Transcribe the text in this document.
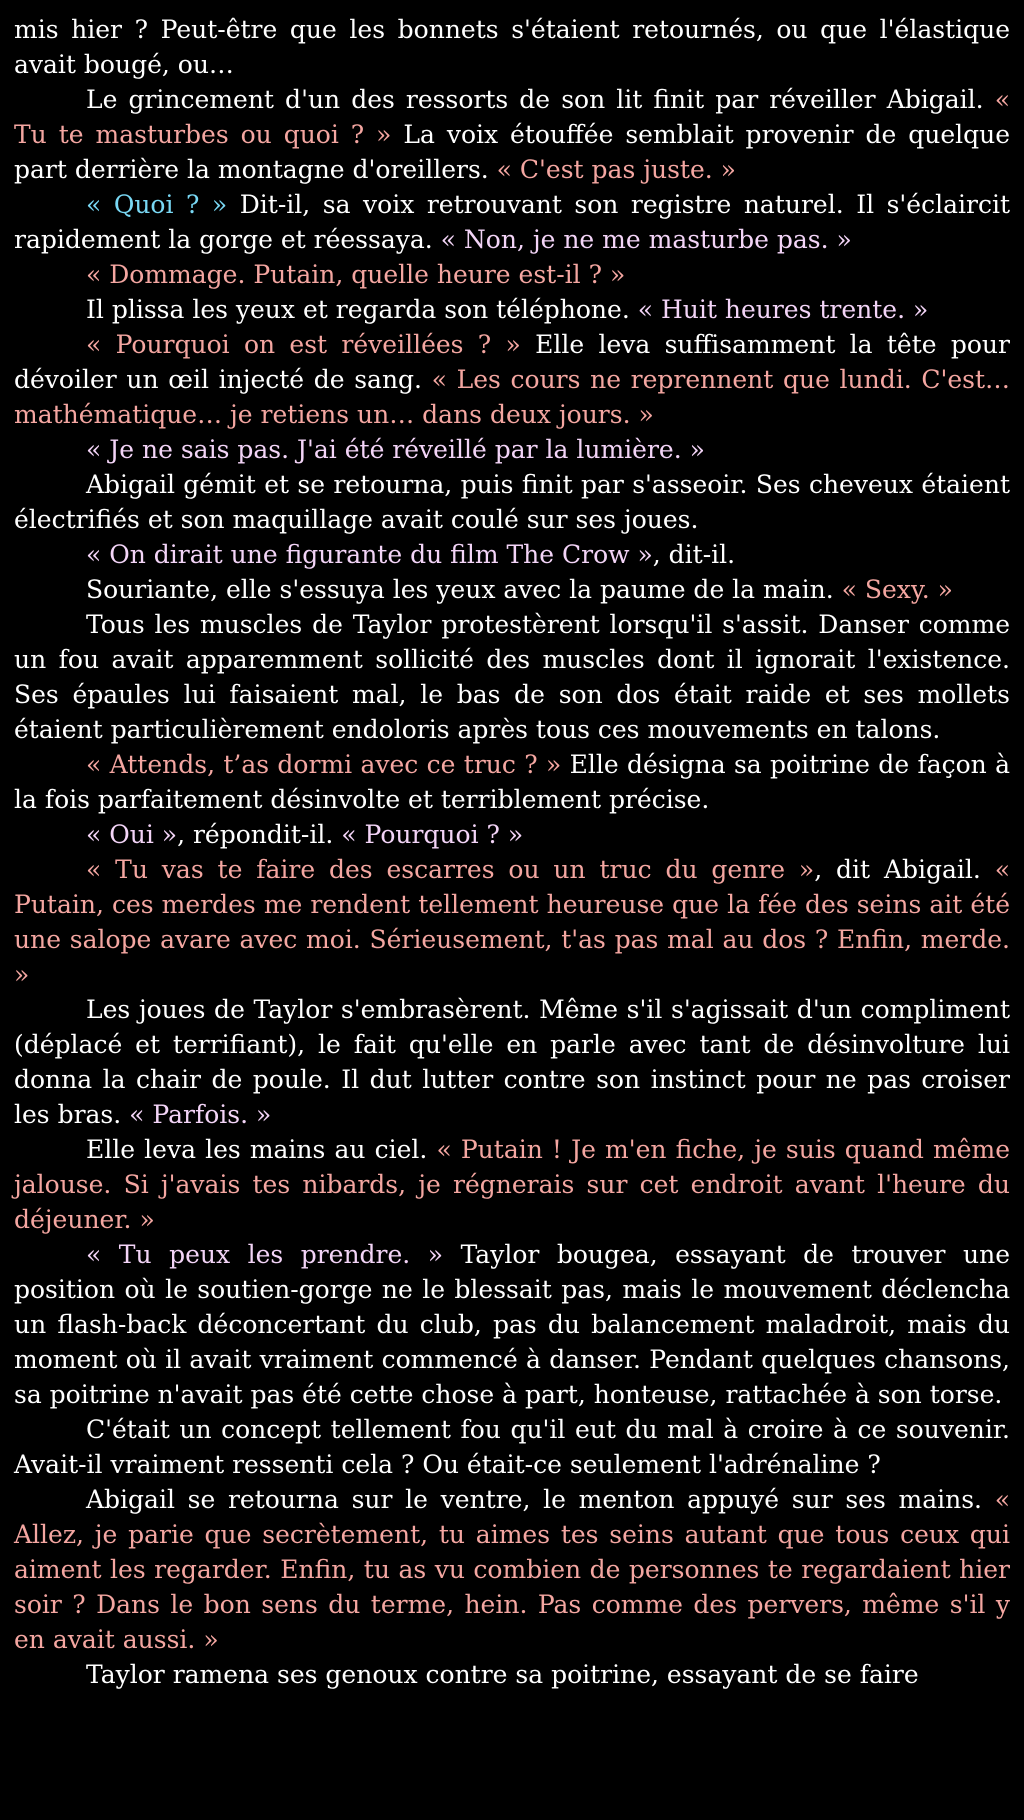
mis hier ? Peut-être que les bonnets s'étaient retournés, ou que l'élastique avait bougé, ou…

Le grincement d'un des ressorts de son lit finit par réveiller Abigail. « Tu te masturbes ou quoi ? » La voix étouffée semblait provenir de quelque part derrière la montagne d'oreillers. « C'est pas juste. »

« Quoi ? » Dit-il, sa voix retrouvant son registre naturel. Il s'éclaircit rapidement la gorge et réessaya. « Non, je ne me masturbe pas. »

« Dommage. Putain, quelle heure est-il ? »

Il plissa les yeux et regarda son téléphone. « Huit heures trente. »

« Pourquoi on est réveillées ? » Elle leva suffisamment la tête pour dévoiler un œil injecté de sang. « Les cours ne reprennent que lundi. C'est… mathématique… je retiens un… dans deux jours. »

« Je ne sais pas. J'ai été réveillé par la lumière. »

Abigail gémit et se retourna, puis finit par s'asseoir. Ses cheveux étaient électrifiés et son maquillage avait coulé sur ses joues.

« On dirait une figurante du film The Crow », dit-il.

Souriante, elle s'essuya les yeux avec la paume de la main. « Sexy. »

Tous les muscles de Taylor protestèrent lorsqu'il s'assit. Danser comme un fou avait apparemment sollicité des muscles dont il ignorait l'existence. Ses épaules lui faisaient mal, le bas de son dos était raide et ses mollets étaient particulièrement endoloris après tous ces mouvements en talons.

« Attends, t’as dormi avec ce truc ? » Elle désigna sa poitrine de façon à la fois parfaitement désinvolte et terriblement précise.

« Oui », répondit-il. « Pourquoi ? »

« Tu vas te faire des escarres ou un truc du genre », dit Abigail. « Putain, ces merdes me rendent tellement heureuse que la fée des seins ait été une salope avare avec moi. Sérieusement, t'as pas mal au dos ? Enfin, merde. »

Les joues de Taylor s'embrasèrent. Même s'il s'agissait d'un compliment (déplacé et terrifiant), le fait qu'elle en parle avec tant de désinvolture lui donna la chair de poule. Il dut lutter contre son instinct pour ne pas croiser les bras. « Parfois. »

Elle leva les mains au ciel. « Putain ! Je m'en fiche, je suis quand même jalouse. Si j'avais tes nibards, je régnerais sur cet endroit avant l'heure du déjeuner. »

« Tu peux les prendre. » Taylor bougea, essayant de trouver une position où le soutien-gorge ne le blessait pas, mais le mouvement déclencha un flash-back déconcertant du club, pas du balancement maladroit, mais du moment où il avait vraiment commencé à danser. Pendant quelques chansons, sa poitrine n'avait pas été cette chose à part, honteuse, rattachée à son torse.

C'était un concept tellement fou qu'il eut du mal à croire à ce souvenir. Avait-il vraiment ressenti cela ? Ou était-ce seulement l'adrénaline ?

Abigail se retourna sur le ventre, le menton appuyé sur ses mains. « Allez, je parie que secrètement, tu aimes tes seins autant que tous ceux qui aiment les regarder. Enfin, tu as vu combien de personnes te regardaient hier soir ? Dans le bon sens du terme, hein. Pas comme des pervers, même s'il y en avait aussi. »

Taylor ramena ses genoux contre sa poitrine, essayant de se faire
